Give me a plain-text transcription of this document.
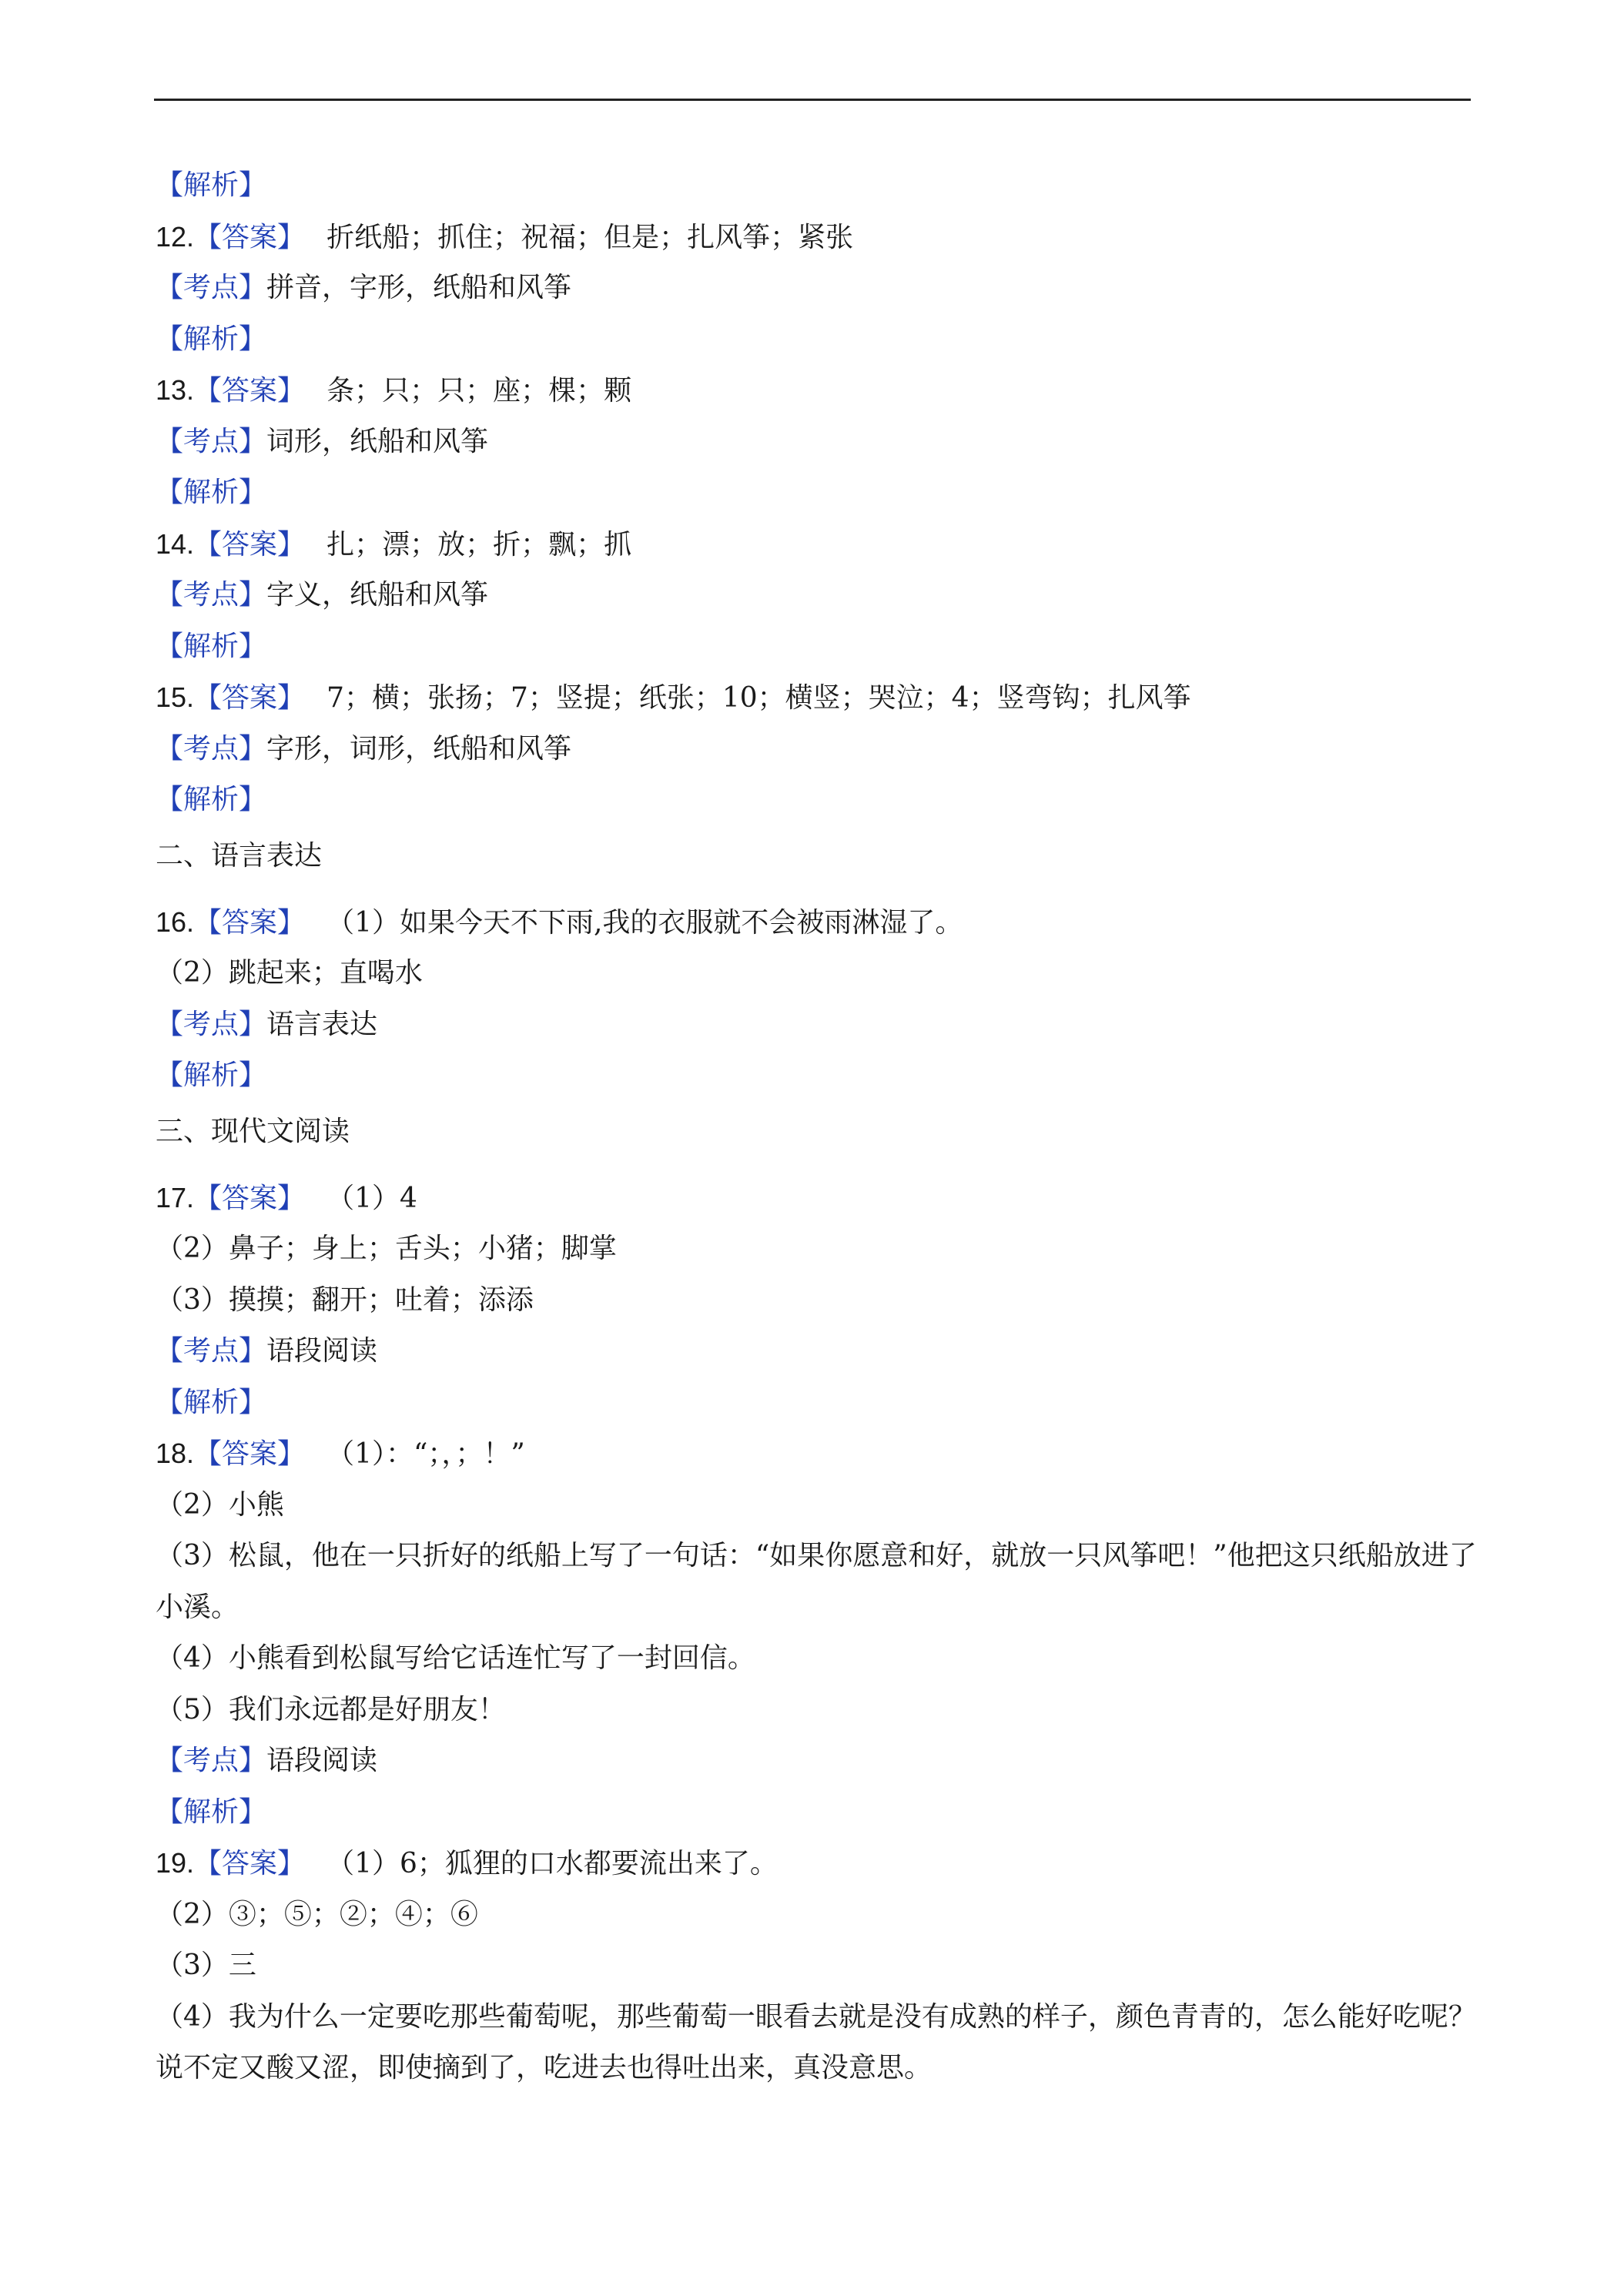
【解析】
12.【答案】 折纸船；抓住；祝福；但是；扎风筝；紧张
【考点】拼音，字形，纸船和风筝
【解析】
13.【答案】 条；只；只；座；棵；颗
【考点】词形，纸船和风筝
【解析】
14.【答案】 扎；漂；放；折；飘；抓
【考点】字义，纸船和风筝
【解析】
15.【答案】 7；横；张扬；7；竖提；纸张；10；横竖；哭泣；4；竖弯钩；扎风筝
【考点】字形，词形，纸船和风筝
【解析】
二、语言表达
16.【答案】 （1）如果今天不下雨,我的衣服就不会被雨淋湿了。
（2）跳起来；直喝水
【考点】语言表达
【解析】
三、现代文阅读
17.【答案】 （1）4
（2）鼻子；身上；舌头；小猪；脚掌
（3）摸摸；翻开；吐着；添添
【考点】语段阅读
【解析】
18.【答案】 （1）：“；，；！”
（2）小熊
（3）松鼠，他在一只折好的纸船上写了一句话：“如果你愿意和好，就放一只风筝吧！”他把这只纸船放进了小溪。
（4）小熊看到松鼠写给它话连忙写了一封回信。
（5）我们永远都是好朋友！
【考点】语段阅读
【解析】
19.【答案】 （1）6；狐狸的口水都要流出来了。
（2）③；⑤；②；④；⑥
（3）三
（4）我为什么一定要吃那些葡萄呢，那些葡萄一眼看去就是没有成熟的样子，颜色青青的，怎么能好吃呢？说不定又酸又涩，即使摘到了，吃进去也得吐出来，真没意思。
